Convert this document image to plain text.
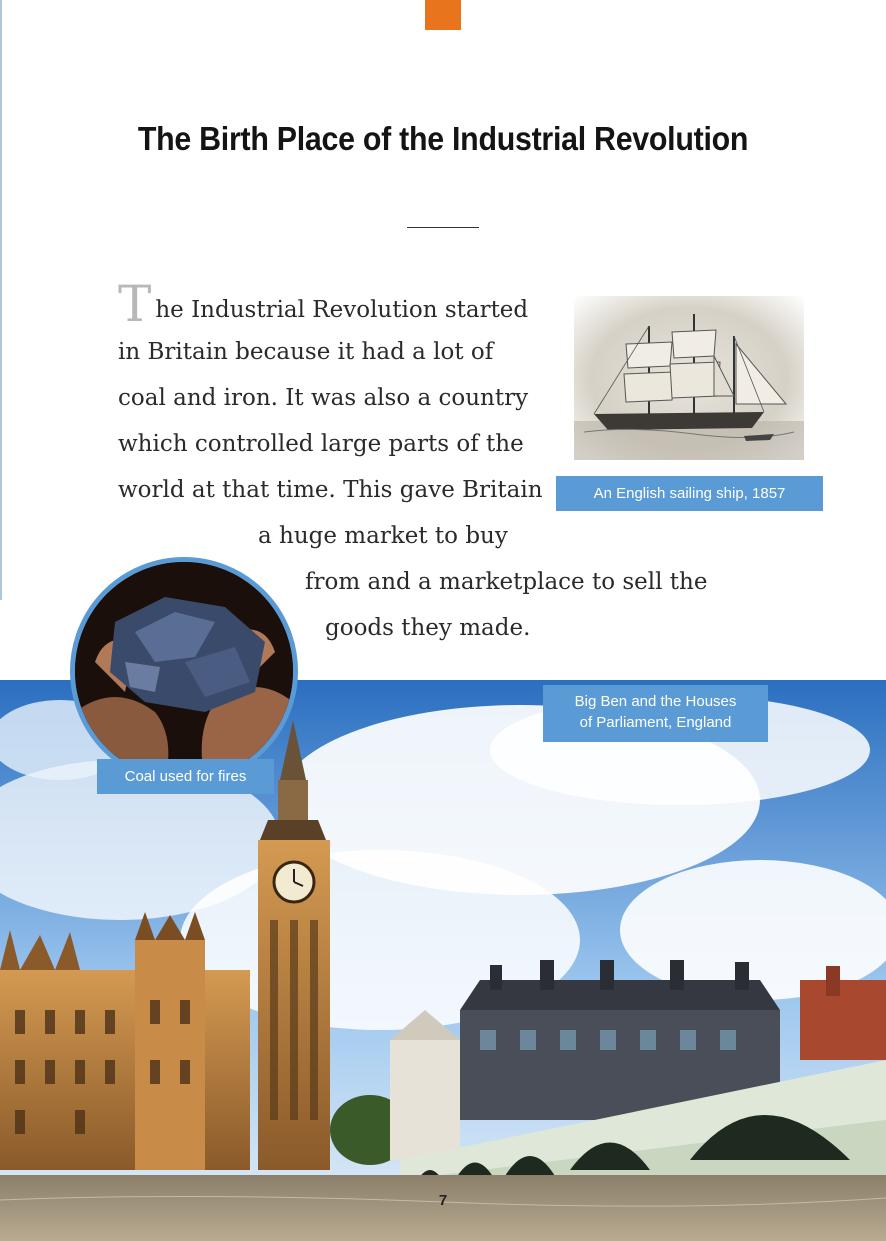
The Birth Place of the Industrial Revolution
The Industrial Revolution started
in Britain because it had a lot of
coal and iron. It was also a country
which controlled large parts of the
world at that time. This gave Britain
a huge market to buy
from and a marketplace to sell the
goods they made.
An English sailing ship, 1857
Big Ben and the Houses
of Parliament, England
Coal used for fires
7
